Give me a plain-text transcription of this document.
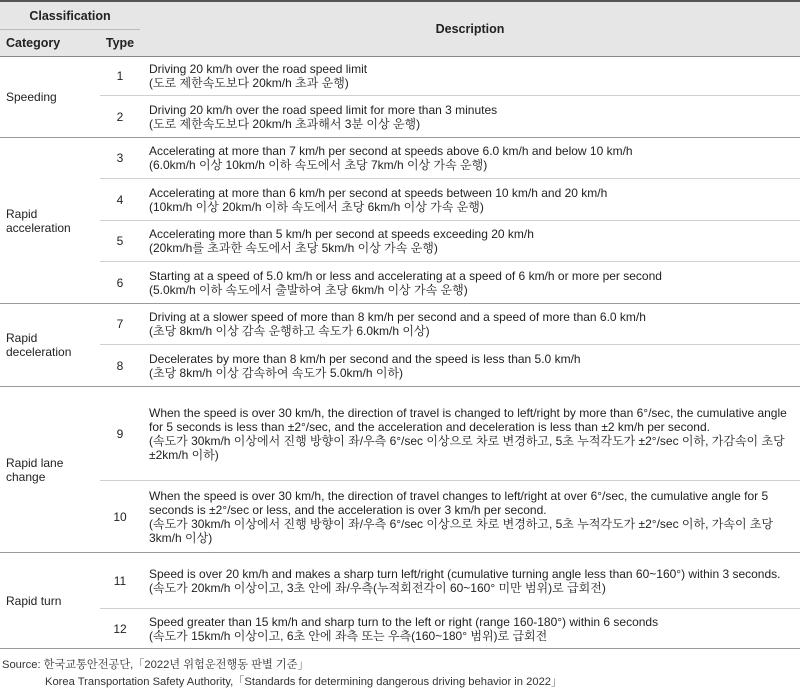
Classification		Description
Category	Type	
Speeding	1	Driving 20 km/h over the road speed limit
(도로 제한속도보다 20km/h 초과 운행)

	2	Driving 20 km/h over the road speed limit for more than 3 minutes
(도로 제한속도보다 20km/h 초과해서 3분 이상 운행)

Rapid acceleration	3	Accelerating at more than 7 km/h per second at speeds above 6.0 km/h and below 10 km/h
(6.0km/h 이상 10km/h 이하 속도에서 초당 7km/h 이상 가속 운행)

	4	Accelerating at more than 6 km/h per second at speeds between 10 km/h and 20 km/h
(10km/h 이상 20km/h 이하 속도에서 초당 6km/h 이상 가속 운행)

	5	Accelerating more than 5 km/h per second at speeds exceeding 20 km/h
(20km/h를 초과한 속도에서 초당 5km/h 이상 가속 운행)

	6	Starting at a speed of 5.0 km/h or less and accelerating at a speed of 6 km/h or more per second
(5.0km/h 이하 속도에서 출발하여 초당 6km/h 이상 가속 운행)

Rapid deceleration	7	Driving at a slower speed of more than 8 km/h per second and a speed of more than 6.0 km/h
(초당 8km/h 이상 감속 운행하고 속도가 6.0km/h 이상)

	8	Decelerates by more than 8 km/h per second and the speed is less than 5.0 km/h
(초당 8km/h 이상 감속하여 속도가 5.0km/h 이하)

Rapid lane change	9	When the speed is over 30 km/h, the direction of travel is changed to left/right by more than 6°/sec, the cumulative angle for 5 seconds is less than ±2°/sec, and the acceleration and deceleration is less than ±2 km/h per second.
(속도가 30km/h 이상에서 진행 방향이 좌/우측 6°/sec 이상으로 차로 변경하고, 5초 누적각도가 ±2°/sec 이하, 가감속이 초당 ±2km/h 이하)

	10	When the speed is over 30 km/h, the direction of travel changes to left/right at over 6°/sec, the cumulative angle for 5 seconds is ±2°/sec or less, and the acceleration is over 3 km/h per second.
(속도가 30km/h 이상에서 진행 방향이 좌/우측 6°/sec 이상으로 차로 변경하고, 5초 누적각도가 ±2°/sec 이하, 가속이 초당 3km/h 이상)

Rapid turn	11	Speed is over 20 km/h and makes a sharp turn left/right (cumulative turning angle less than 60~160°) within 3 seconds.
(속도가 20km/h 이상이고, 3초 안에 좌/우측(누적회전각이 60~160° 미만 범위)로 급회전)

	12	Speed greater than 15 km/h and sharp turn to the left or right (range 160-180°) within 6 seconds
(속도가 15km/h 이상이고, 6초 안에 좌측 또는 우측(160~180° 범위)로 급회전
Source: 한국교통안전공단,「2022년 위험운전행동 판별 기준」
Korea Transportation Safety Authority,「Standards for determining dangerous driving behavior in 2022」
